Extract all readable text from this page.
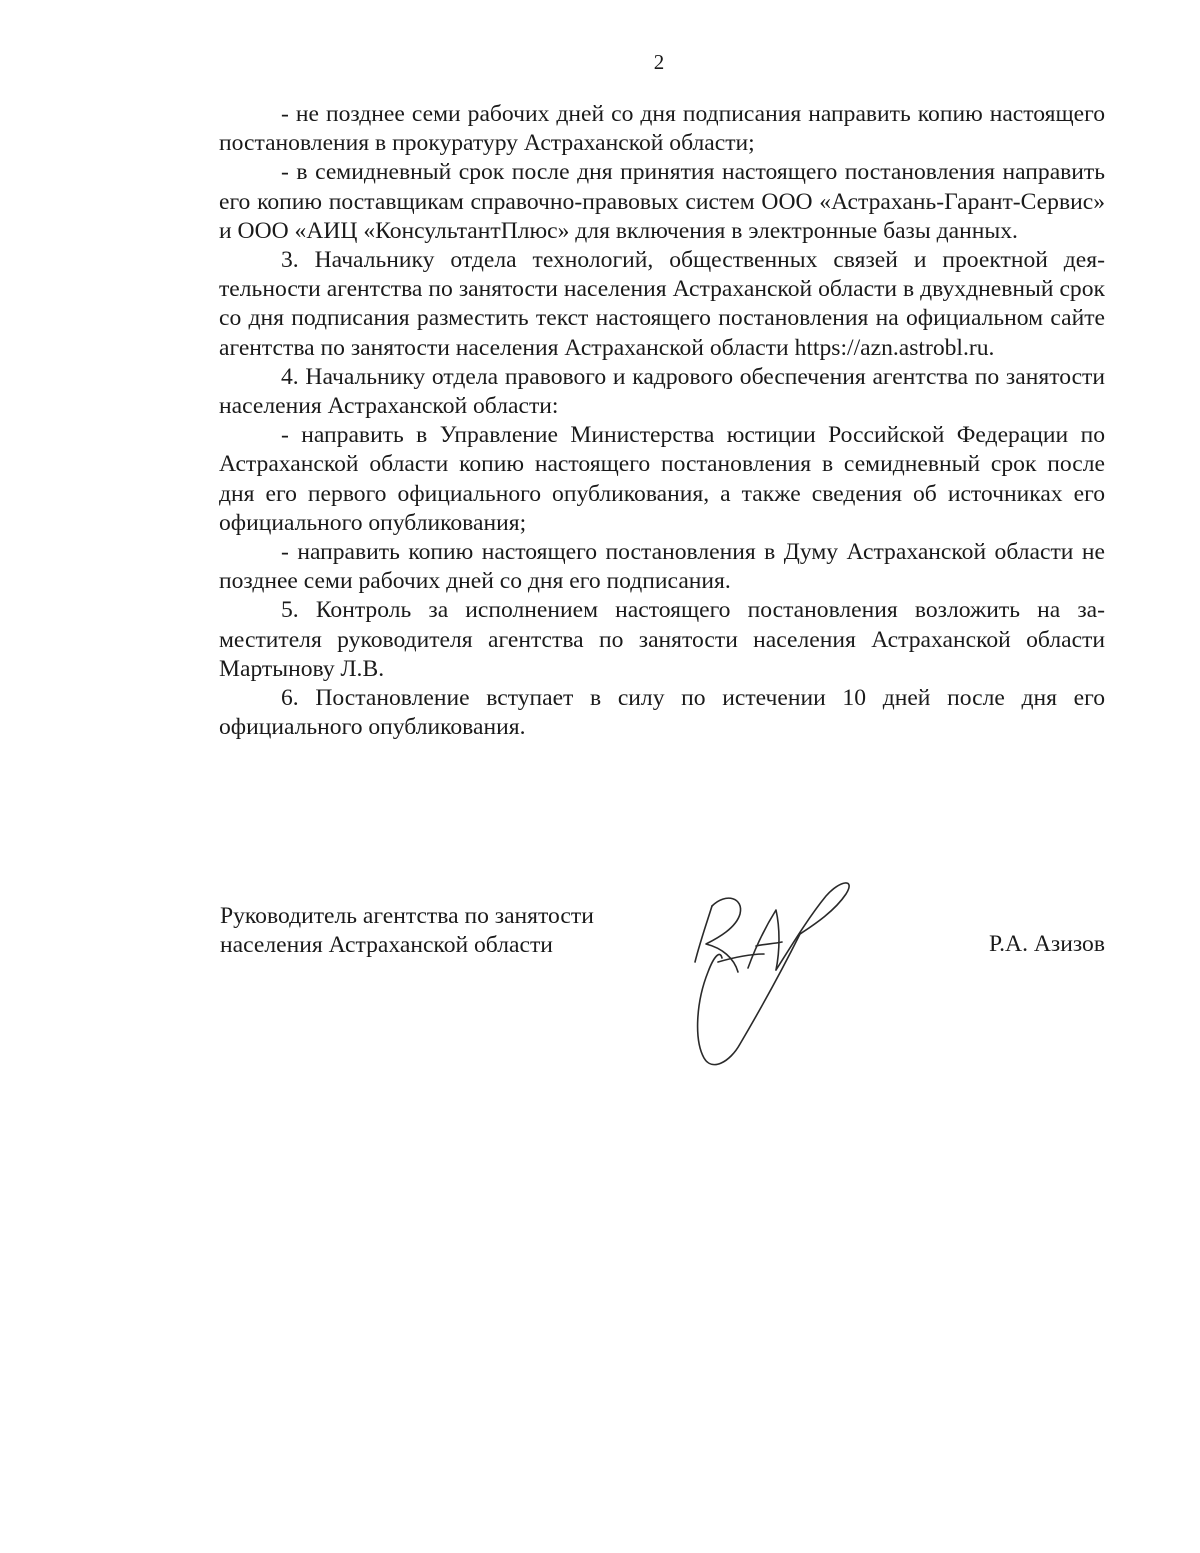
2

- не позднее семи рабочих дней со дня подписания направить копию настоящего постановления в прокуратуру Астраханской области;

- в семидневный срок после дня принятия настоящего постановления направить его копию поставщикам справочно-правовых систем ООО «Астрахань-Гарант-Сервис» и ООО «АИЦ «КонсультантПлюс» для включения в электронные базы данных.

3. Начальнику отдела технологий, общественных связей и проектной деятельности агентства по занятости населения Астраханской области в двухдневный срок со дня подписания разместить текст настоящего постановления на официальном сайте агентства по занятости населения Астраханской области https://azn.astrobl.ru.

4. Начальнику отдела правового и кадрового обеспечения агентства по занятости населения Астраханской области:

- направить в Управление Министерства юстиции Российской Федерации по Астраханской области копию настоящего постановления в семидневный срок после дня его первого официального опубликования, а также сведения об источниках его официального опубликования;

- направить копию настоящего постановления в Думу Астраханской области не позднее семи рабочих дней со дня его подписания.

5. Контроль за исполнением настоящего постановления возложить на заместителя руководителя агентства по занятости населения Астраханской области Мартынову Л.В.

6. Постановление вступает в силу по истечении 10 дней после дня его официального опубликования.

Руководитель агентства по занятости
населения Астраханской области	Р.А. Азизов
